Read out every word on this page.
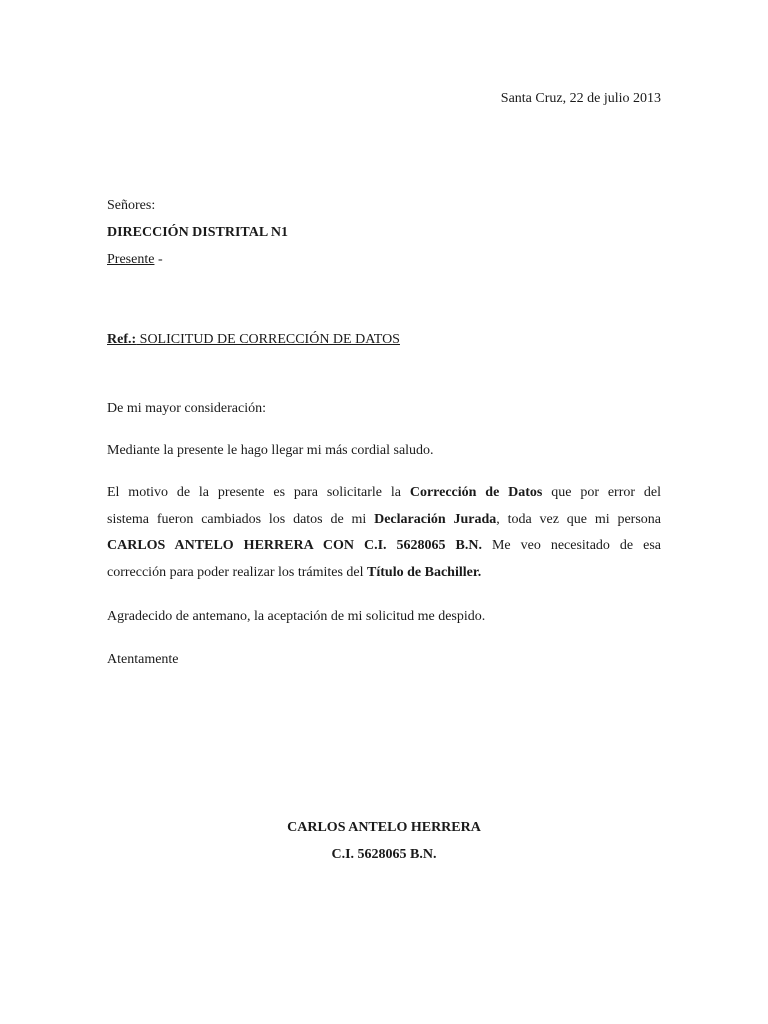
Santa Cruz, 22 de julio 2013
Señores:
DIRECCIÓN DISTRITAL N1
Presente -
Ref.: SOLICITUD DE CORRECCIÓN DE DATOS
De mi mayor consideración:
Mediante la presente le hago llegar mi más cordial saludo.
El motivo de la presente es para solicitarle la Corrección de Datos que por error del
sistema fueron cambiados los datos de mi Declaración Jurada, toda vez que mi persona
CARLOS ANTELO HERRERA CON C.I. 5628065 B.N. Me veo necesitado de esa
corrección para poder realizar los trámites del Título de Bachiller.
Agradecido de antemano, la aceptación de mi solicitud me despido.
Atentamente
CARLOS ANTELO HERRERA
C.I. 5628065 B.N.
